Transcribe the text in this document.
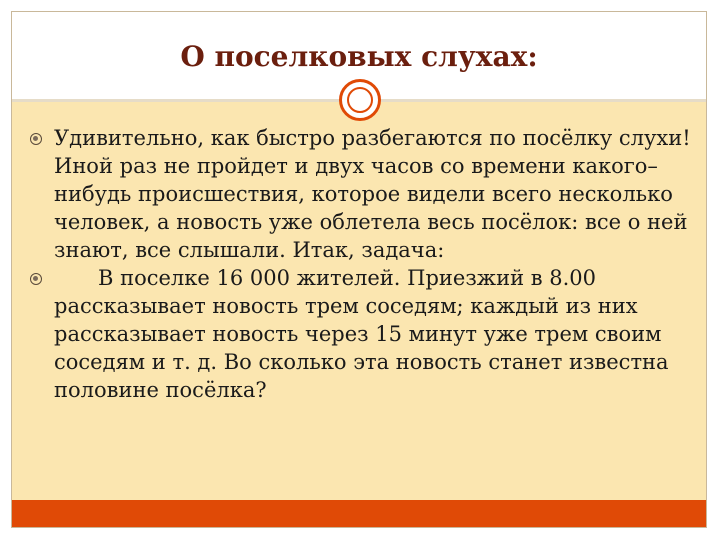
О поселковых слухах:
Удивительно, как быстро разбегаются по посёлку слухи! Иной раз не пройдет и двух часов со времени какого– нибудь происшествия, которое видели всего несколько человек, а новость уже облетела весь посёлок: все о ней знают, все слышали. Итак, задача:
В поселке 16 000 жителей. Приезжий в 8.00 рассказывает новость трем соседям; каждый из них рассказывает новость через 15 минут уже трем своим соседям и т. д. Во сколько эта новость станет известна половине посёлка?
